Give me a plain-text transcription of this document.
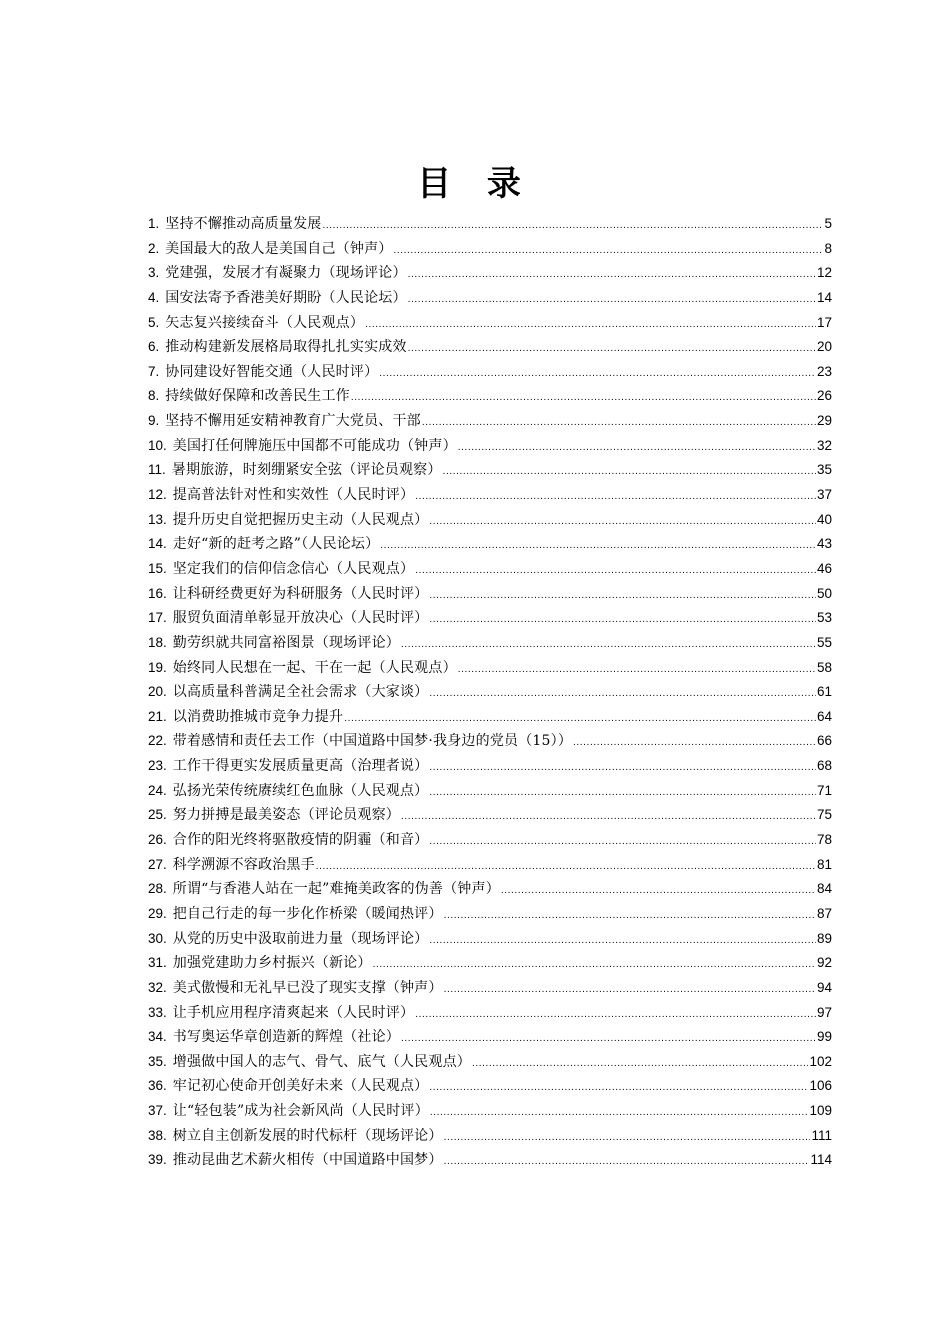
目 录
1. 坚持不懈推动高质量发展 .....	5
2. 美国最大的敌人是美国自己（钟声） .....	8
3. 党建强，发展才有凝聚力（现场评论） .....	12
4. 国安法寄予香港美好期盼（人民论坛） .....	14
5. 矢志复兴接续奋斗（人民观点） .....	17
6. 推动构建新发展格局取得扎扎实实成效 .....	20
7. 协同建设好智能交通（人民时评） .....	23
8. 持续做好保障和改善民生工作 .....	26
9. 坚持不懈用延安精神教育广大党员、干部 .....	29
10. 美国打任何牌施压中国都不可能成功（钟声） .....	32
11. 暑期旅游，时刻绷紧安全弦（评论员观察） .....	35
12. 提高普法针对性和实效性（人民时评） .....	37
13. 提升历史自觉把握历史主动（人民观点） .....	40
14. 走好“新的赶考之路”（人民论坛） .....	43
15. 坚定我们的信仰信念信心（人民观点） .....	46
16. 让科研经费更好为科研服务（人民时评） .....	50
17. 服贸负面清单彰显开放决心（人民时评） .....	53
18. 勤劳织就共同富裕图景（现场评论） .....	55
19. 始终同人民想在一起、干在一起（人民观点） .....	58
20. 以高质量科普满足全社会需求（大家谈） .....	61
21. 以消费助推城市竞争力提升 .....	64
22. 带着感情和责任去工作（中国道路中国梦·我身边的党员（15）） .....	66
23. 工作干得更实发展质量更高（治理者说） .....	68
24. 弘扬光荣传统赓续红色血脉（人民观点） .....	71
25. 努力拼搏是最美姿态（评论员观察） .....	75
26. 合作的阳光终将驱散疫情的阴霾（和音） .....	78
27. 科学溯源不容政治黑手 .....	81
28. 所谓“与香港人站在一起”难掩美政客的伪善（钟声） .....	84
29. 把自己行走的每一步化作桥梁（暖闻热评） .....	87
30. 从党的历史中汲取前进力量（现场评论） .....	89
31. 加强党建助力乡村振兴（新论） .....	92
32. 美式傲慢和无礼早已没了现实支撑（钟声） .....	94
33. 让手机应用程序清爽起来（人民时评） .....	97
34. 书写奥运华章创造新的辉煌（社论） .....	99
35. 增强做中国人的志气、骨气、底气（人民观点） .....	102
36. 牢记初心使命开创美好未来（人民观点） .....	106
37. 让“轻包装”成为社会新风尚（人民时评） .....	109
38. 树立自主创新发展的时代标杆（现场评论） .....	111
39. 推动昆曲艺术薪火相传（中国道路中国梦） .....	114
